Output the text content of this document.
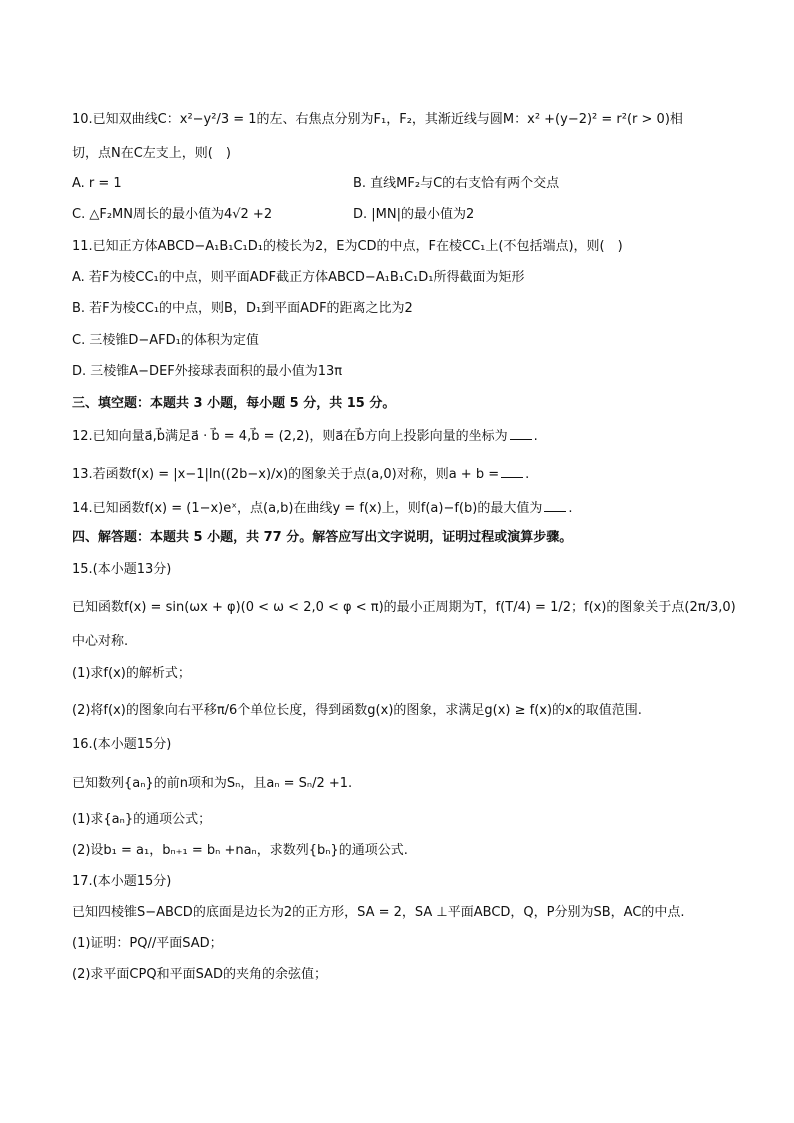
10.已知双曲线C：x²−y²/3 = 1的左、右焦点分别为F₁，F₂，其渐近线与圆M：x² +(y−2)² = r²(r > 0)相
切，点N在C左支上，则(　)
A. r = 1	B. 直线MF₂与C的右支恰有两个交点
C. △F₂MN周长的最小值为4√2 +2	D. |MN|的最小值为2
11.已知正方体ABCD−A₁B₁C₁D₁的棱长为2，E为CD的中点，F在棱CC₁上(不包括端点)，则(　)
A. 若F为棱CC₁的中点，则平面ADF截正方体ABCD−A₁B₁C₁D₁所得截面为矩形
B. 若F为棱CC₁的中点，则B，D₁到平面ADF的距离之比为2
C. 三棱锥D−AFD₁的体积为定值
D. 三棱锥A−DEF外接球表面积的最小值为13π
三、填空题：本题共 3 小题，每小题 5 分，共 15 分。
12.已知向量a⃗,b⃗满足a⃗ · b⃗ = 4,b⃗ = (2,2)，则a⃗在b⃗方向上投影向量的坐标为 .
13.若函数f(x) = |x−1|ln((2b−x)/x)的图象关于点(a,0)对称，则a + b = .
14.已知函数f(x) = (1−x)eˣ，点(a,b)在曲线y = f(x)上，则f(a)−f(b)的最大值为 .
四、解答题：本题共 5 小题，共 77 分。解答应写出文字说明，证明过程或演算步骤。
15.(本小题13分)
已知函数f(x) = sin(ωx + φ)(0 < ω < 2,0 < φ < π)的最小正周期为T，f(T/4) = 1/2；f(x)的图象关于点(2π/3,0)
中心对称.
(1)求f(x)的解析式；
(2)将f(x)的图象向右平移π/6个单位长度，得到函数g(x)的图象，求满足g(x) ≥ f(x)的x的取值范围.
16.(本小题15分)
已知数列{aₙ}的前n项和为Sₙ，且aₙ = Sₙ/2 +1.
(1)求{aₙ}的通项公式；
(2)设b₁ = a₁，bₙ₊₁ = bₙ +naₙ，求数列{bₙ}的通项公式.
17.(本小题15分)
已知四棱锥S−ABCD的底面是边长为2的正方形，SA = 2，SA ⊥平面ABCD，Q，P分别为SB，AC的中点.
(1)证明：PQ//平面SAD；
(2)求平面CPQ和平面SAD的夹角的余弦值；
